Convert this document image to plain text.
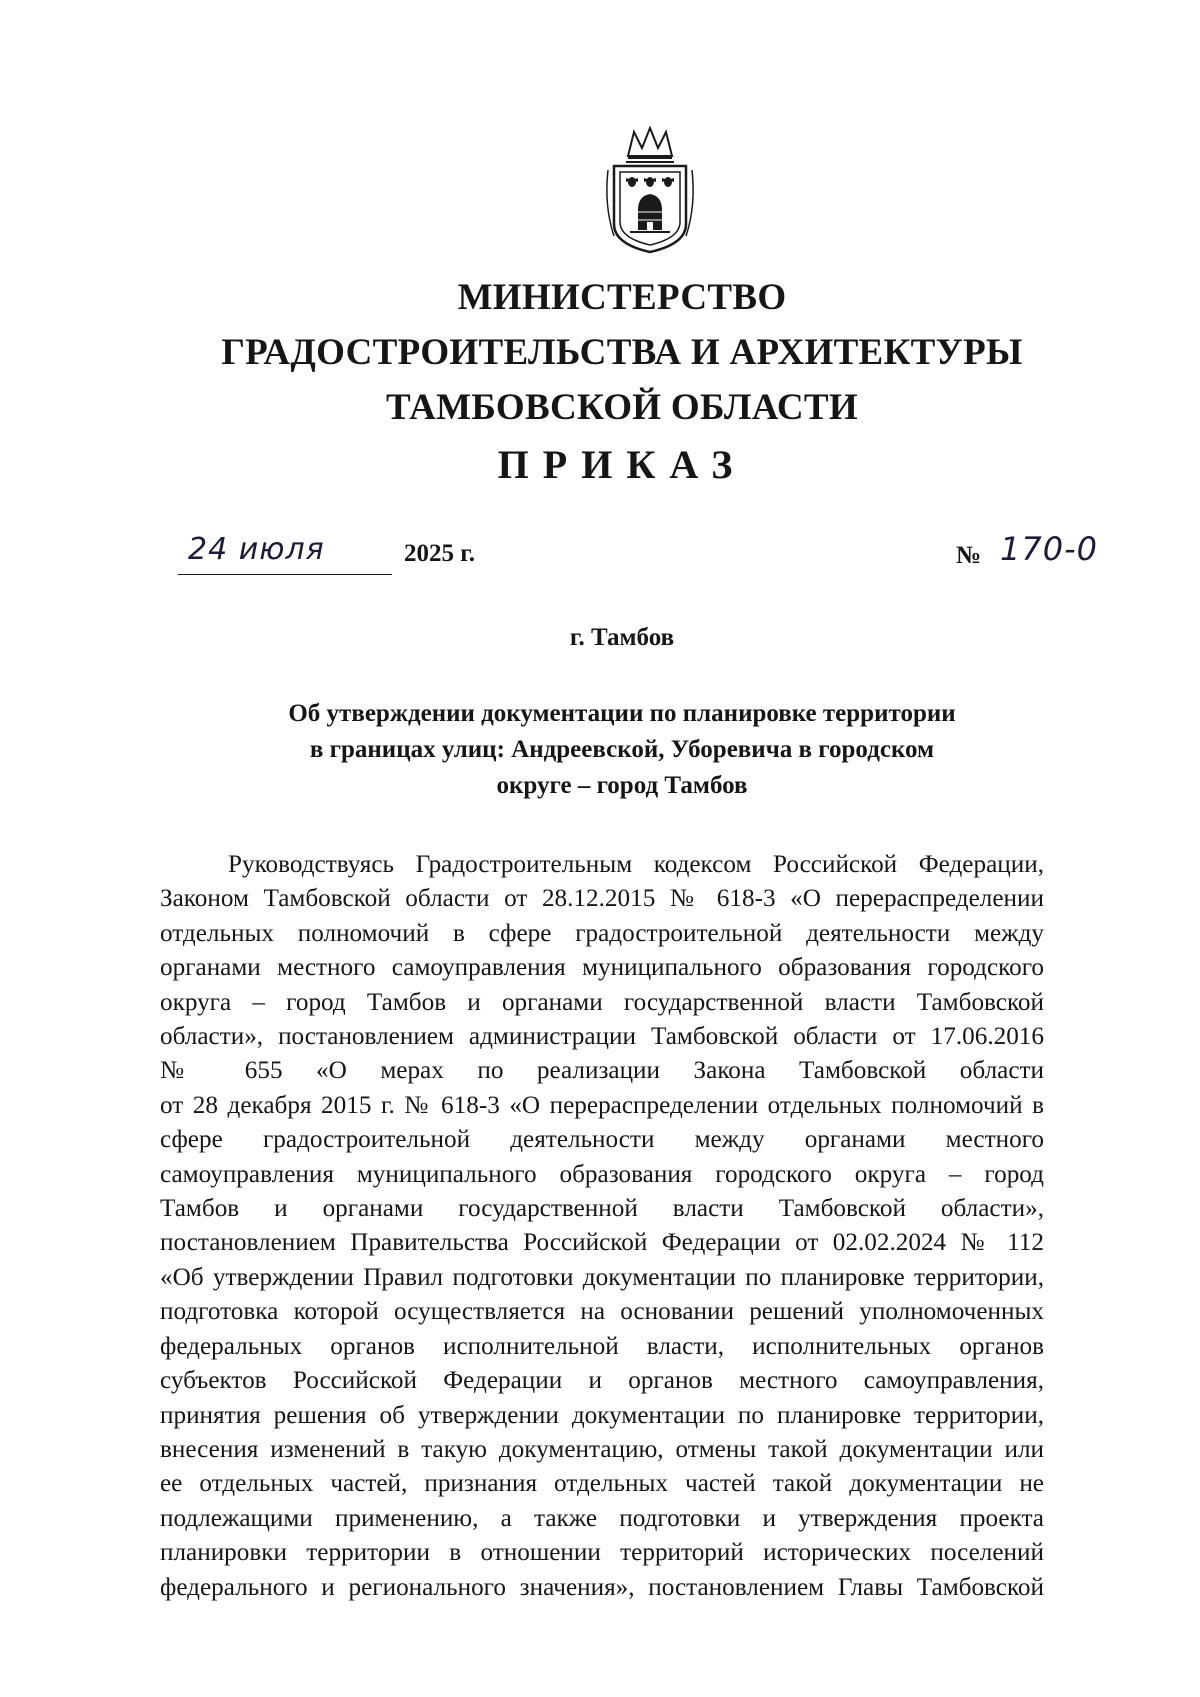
МИНИСТЕРСТВО
ГРАДОСТРОИТЕЛЬСТВА И АРХИТЕКТУРЫ
ТАМБОВСКОЙ ОБЛАСТИ
ПРИКАЗ
24 июля	2025 г.	№ 170-0
г. Тамбов
Об утверждении документации по планировке территории
в границах улиц: Андреевской, Уборевича в городском
округе – город Тамбов
Руководствуясь Градостроительным кодексом Российской Федерации,
Законом Тамбовской области от 28.12.2015 № 618-3 «О перераспределении
отдельных полномочий в сфере градостроительной деятельности между
органами местного самоуправления муниципального образования городского
округа – город Тамбов и органами государственной власти Тамбовской
области», постановлением администрации Тамбовской области от 17.06.2016
№ 655 «О мерах по реализации Закона Тамбовской области
от 28 декабря 2015 г. № 618-3 «О перераспределении отдельных полномочий в
сфере градостроительной деятельности между органами местного
самоуправления муниципального образования городского округа – город
Тамбов и органами государственной власти Тамбовской области»,
постановлением Правительства Российской Федерации от 02.02.2024 № 112
«Об утверждении Правил подготовки документации по планировке территории,
подготовка которой осуществляется на основании решений уполномоченных
федеральных органов исполнительной власти, исполнительных органов
субъектов Российской Федерации и органов местного самоуправления,
принятия решения об утверждении документации по планировке территории,
внесения изменений в такую документацию, отмены такой документации или
ее отдельных частей, признания отдельных частей такой документации не
подлежащими применению, а также подготовки и утверждения проекта
планировки территории в отношении территорий исторических поселений
федерального и регионального значения», постановлением Главы Тамбовской
